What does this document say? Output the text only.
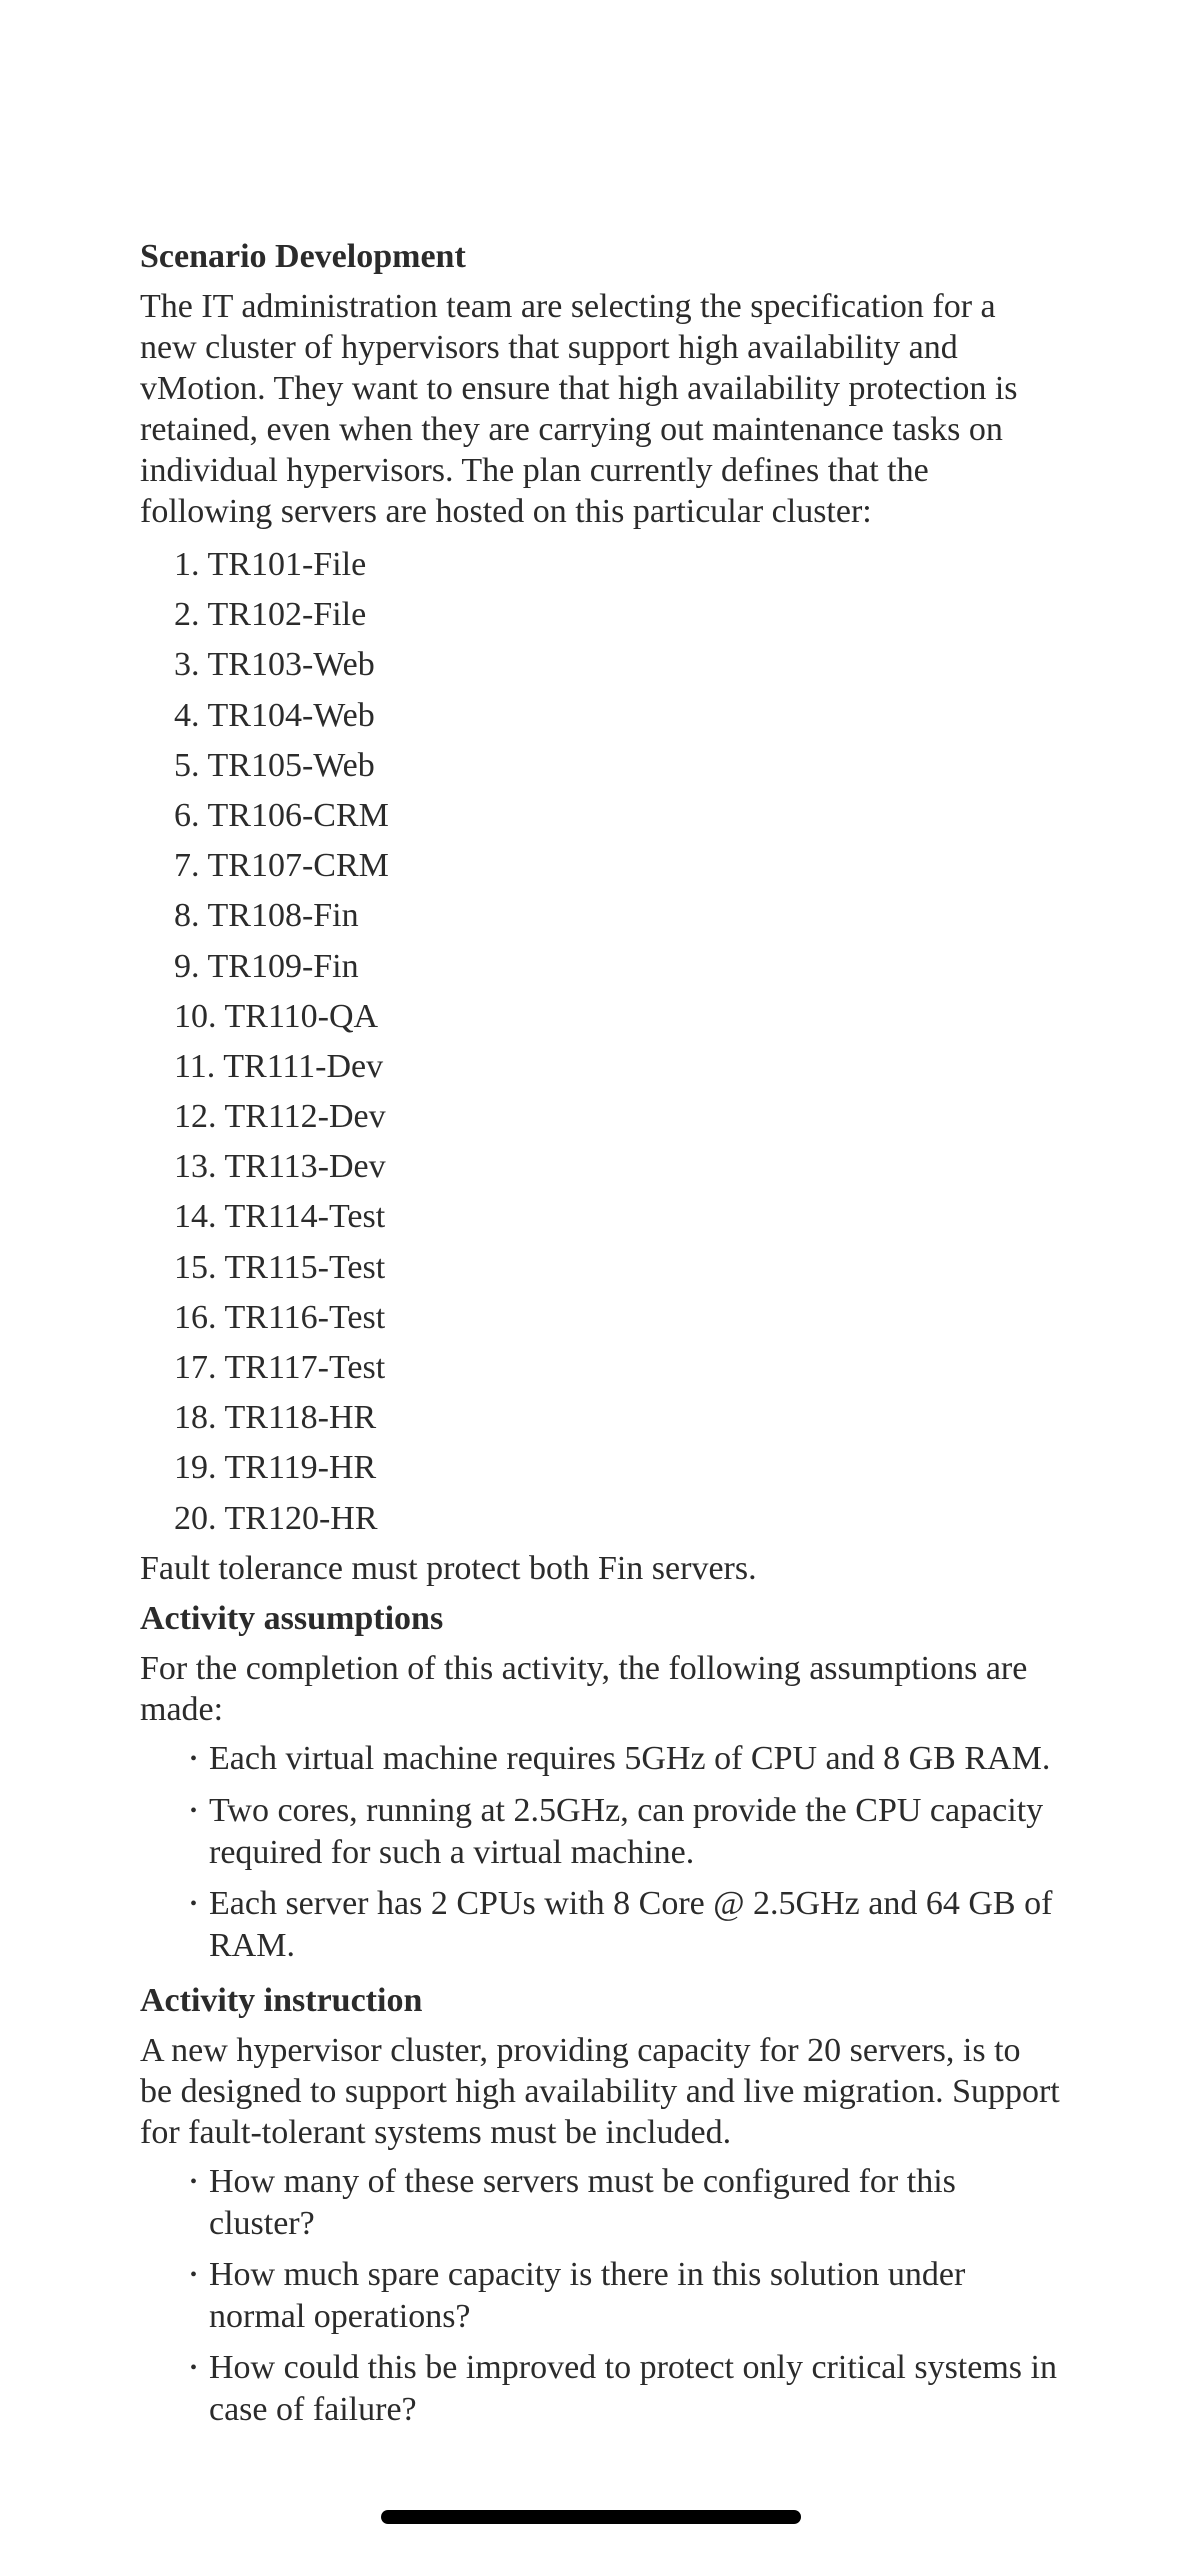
Scenario Development

The IT administration team are selecting the specification for a new cluster of hypervisors that support high availability and vMotion. They want to ensure that high availability protection is retained, even when they are carrying out maintenance tasks on individual hypervisors. The plan currently defines that the following servers are hosted on this particular cluster:

1. TR101-File
2. TR102-File
3. TR103-Web
4. TR104-Web
5. TR105-Web
6. TR106-CRM
7. TR107-CRM
8. TR108-Fin
9. TR109-Fin
10. TR110-QA
11. TR111-Dev
12. TR112-Dev
13. TR113-Dev
14. TR114-Test
15. TR115-Test
16. TR116-Test
17. TR117-Test
18. TR118-HR
19. TR119-HR
20. TR120-HR

Fault tolerance must protect both Fin servers.

Activity assumptions

For the completion of this activity, the following assumptions are made:

• Each virtual machine requires 5GHz of CPU and 8 GB RAM.
• Two cores, running at 2.5GHz, can provide the CPU capacity required for such a virtual machine.
• Each server has 2 CPUs with 8 Core @ 2.5GHz and 64 GB of RAM.
Activity instruction

A new hypervisor cluster, providing capacity for 20 servers, is to be designed to support high availability and live migration. Support for fault-tolerant systems must be included.

• How many of these servers must be configured for this cluster?
• How much spare capacity is there in this solution under normal operations?
• How could this be improved to protect only critical systems in case of failure?
